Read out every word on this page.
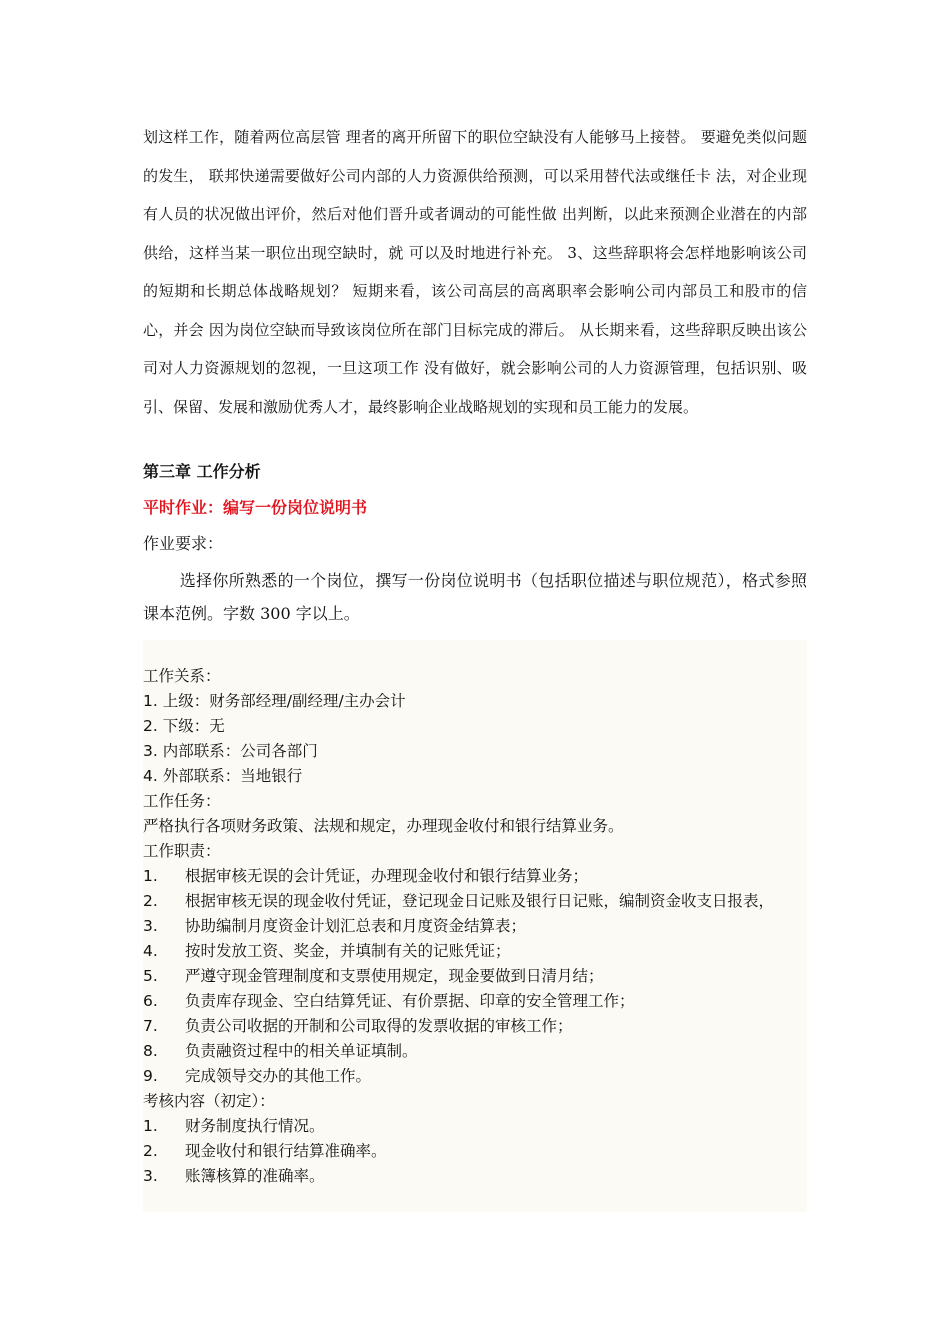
划这样工作，随着两位高层管 理者的离开所留下的职位空缺没有人能够马上接替。 要避免类似问题的发生， 联邦快递需要做好公司内部的人力资源供给预测，可以采用替代法或继任卡 法，对企业现有人员的状况做出评价，然后对他们晋升或者调动的可能性做 出判断，以此来预测企业潜在的内部供给，这样当某一职位出现空缺时，就 可以及时地进行补充。 3、这些辞职将会怎样地影响该公司的短期和长期总体战略规划？ 短期来看，该公司高层的高离职率会影响公司内部员工和股市的信心，并会 因为岗位空缺而导致该岗位所在部门目标完成的滞后。 从长期来看，这些辞职反映出该公司对人力资源规划的忽视，一旦这项工作 没有做好，就会影响公司的人力资源管理，包括识别、吸引、保留、发展和激励优秀人才，最终影响企业战略规划的实现和员工能力的发展。
第三章 工作分析
平时作业：编写一份岗位说明书
作业要求：
选择你所熟悉的一个岗位，撰写一份岗位说明书（包括职位描述与职位规范），格式参照课本范例。字数 300 字以上。
工作关系：
1. 上级：财务部经理/副经理/主办会计
2. 下级：无
3. 内部联系：公司各部门
4. 外部联系：当地银行
工作任务：
严格执行各项财务政策、法规和规定，办理现金收付和银行结算业务。
工作职责：
1. 根据审核无误的会计凭证，办理现金收付和银行结算业务；
2. 根据审核无误的现金收付凭证，登记现金日记账及银行日记账，编制资金收支日报表，
3. 协助编制月度资金计划汇总表和月度资金结算表；
4. 按时发放工资、奖金，并填制有关的记账凭证；
5. 严遵守现金管理制度和支票使用规定，现金要做到日清月结；
6. 负责库存现金、空白结算凭证、有价票据、印章的安全管理工作；
7. 负责公司收据的开制和公司取得的发票收据的审核工作；
8. 负责融资过程中的相关单证填制。
9. 完成领导交办的其他工作。
考核内容（初定）：
1. 财务制度执行情况。
2. 现金收付和银行结算准确率。
3. 账簿核算的准确率。
